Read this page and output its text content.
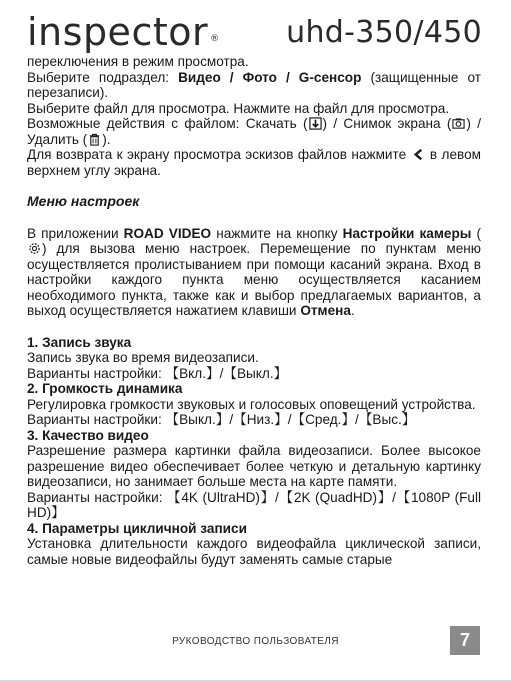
inspector ® uhd-350/450

переключения в режим просмотра.

Выберите подраздел: Видео / Фото / G-сенсор (защищенные от перезаписи).

Выберите файл для просмотра. Нажмите на файл для просмотра.

Возможные действия с файлом: Скачать ( ) / Снимок экрана ( ) / Удалить ( ).

Для возврата к экрану просмотра эскизов файлов нажмите  в левом верхнем углу экрана.

Меню настроек

В приложении ROAD VIDEO нажмите на кнопку Настройки камеры () для вызова меню настроек. Перемещение по пунктам меню осуществляется пролистыванием при помощи касаний экрана. Вход в настройки каждого пункта меню осуществляется касанием необходимого пункта, также как и выбор предлагаемых вариантов, а выход осуществляется нажатием клавиши Отмена.

1. Запись звука

Запись звука во время видеозаписи.

Варианты настройки: 【Вкл.】/【Выкл.】

2. Громкость динамика

Регулировка громкости звуковых и голосовых оповещений устройства.

Варианты настройки: 【Выкл.】/【Низ.】/【Сред.】/【Выс.】

3. Качество видео

Разрешение размера картинки файла видеозаписи. Более высокое разрешение видео обеспечивает более четкую и детальную картинку видеозаписи, но занимает больше места на карте памяти.

Варианты настройки: 【4K (UltraHD)】/【2K (QuadHD)】/【1080P (Full HD)】

4. Параметры цикличной записи

Установка длительности каждого видеофайла циклической записи, самые новые видеофайлы будут заменять самые старые

РУКОВОДСТВО ПОЛЬЗОВАТЕЛЯ	7
